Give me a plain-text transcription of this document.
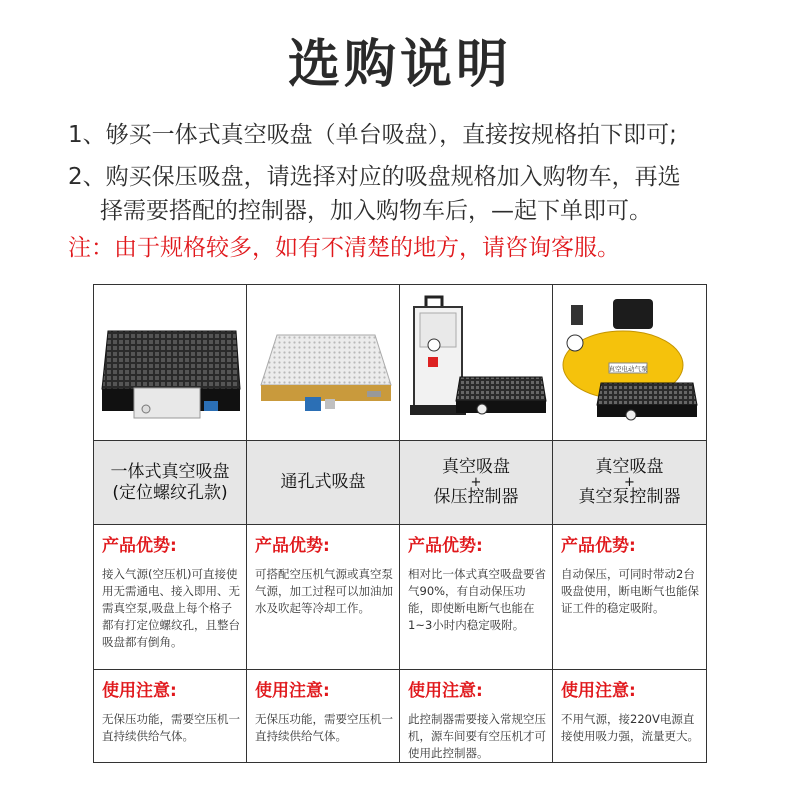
选购说明
1、够买一体式真空吸盘（单台吸盘），直接按规格拍下即可;
2、购买保压吸盘，请选择对应的吸盘规格加入购物车，再选
择需要搭配的控制器，加入购物车后，—起下单即可。
注：由于规格较多，如有不清楚的地方，请咨询客服。
一体式真空吸盘
(定位螺纹孔款)
产品优势:
接入气源(空压机)可直接使用无需通电、接入即用、无需真空泵,吸盘上每个格子都有打定位螺纹孔，且整台吸盘都有倒角。
使用注意:
无保压功能，需要空压机一直持续供给气体。
通孔式吸盘
产品优势:
可搭配空压机气源或真空泵气源，加工过程可以加油加水及吹起等冷却工作。
使用注意:
无保压功能，需要空压机一直持续供给气体。
真空吸盘
+
保压控制器
产品优势:
相对比一体式真空吸盘要省气90%，有自动保压功能，即使断电断气也能在1~3小时内稳定吸附。
使用注意:
此控制器需要接入常规空压机，源车间要有空压机才可使用此控制器。
真空电动气泵
真空吸盘
+
真空泵控制器
产品优势:
自动保压，可同时带动2台吸盘使用，断电断气也能保证工件的稳定吸附。
使用注意:
不用气源，接220V电源直接使用吸力强，流量更大。
